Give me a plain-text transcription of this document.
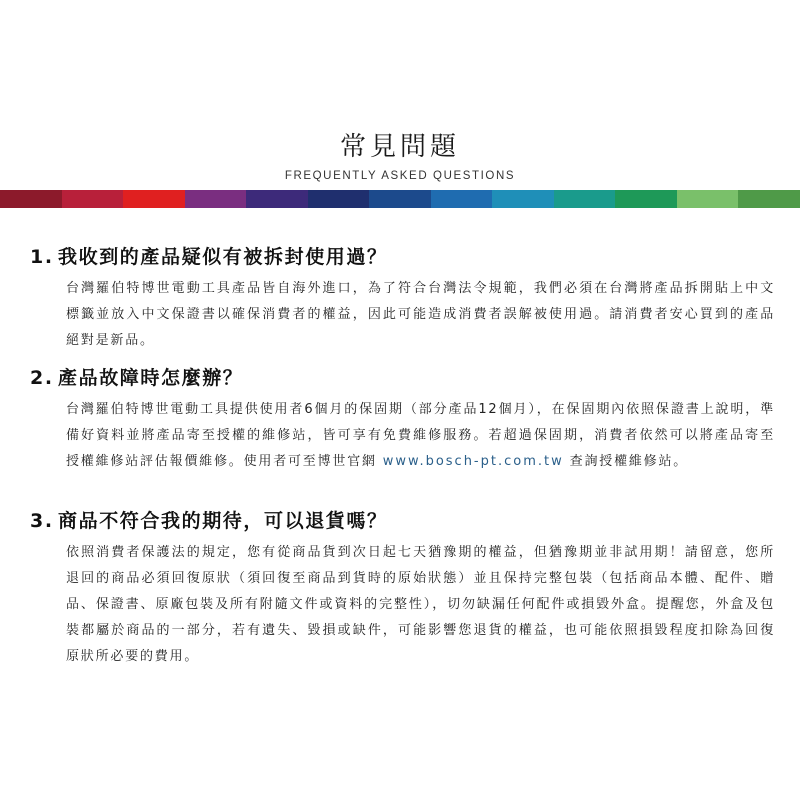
常見問題
FREQUENTLY ASKED QUESTIONS

1. 我收到的產品疑似有被拆封使用過？

台灣羅伯特博世電動工具產品皆自海外進口，為了符合台灣法令規範，我們必須在台灣將產品拆開貼上中文標籤並放入中文保證書以確保消費者的權益，因此可能造成消費者誤解被使用過。請消費者安心買到的產品絕對是新品。

2. 產品故障時怎麼辦？

台灣羅伯特博世電動工具提供使用者6個月的保固期（部分產品12個月），在保固期內依照保證書上說明，準備好資料並將產品寄至授權的維修站，皆可享有免費維修服務。若超過保固期，消費者依然可以將產品寄至授權維修站評估報價維修。使用者可至博世官網 www.bosch-pt.com.tw 查詢授權維修站。

3. 商品不符合我的期待，可以退貨嗎？

依照消費者保護法的規定，您有從商品貨到次日起七天猶豫期的權益，但猶豫期並非試用期！請留意，您所退回的商品必須回復原狀（須回復至商品到貨時的原始狀態）並且保持完整包裝（包括商品本體、配件、贈品、保證書、原廠包裝及所有附隨文件或資料的完整性），切勿缺漏任何配件或損毀外盒。提醒您，外盒及包裝都屬於商品的一部分，若有遺失、毀損或缺件，可能影響您退貨的權益，也可能依照損毀程度扣除為回復原狀所必要的費用。
